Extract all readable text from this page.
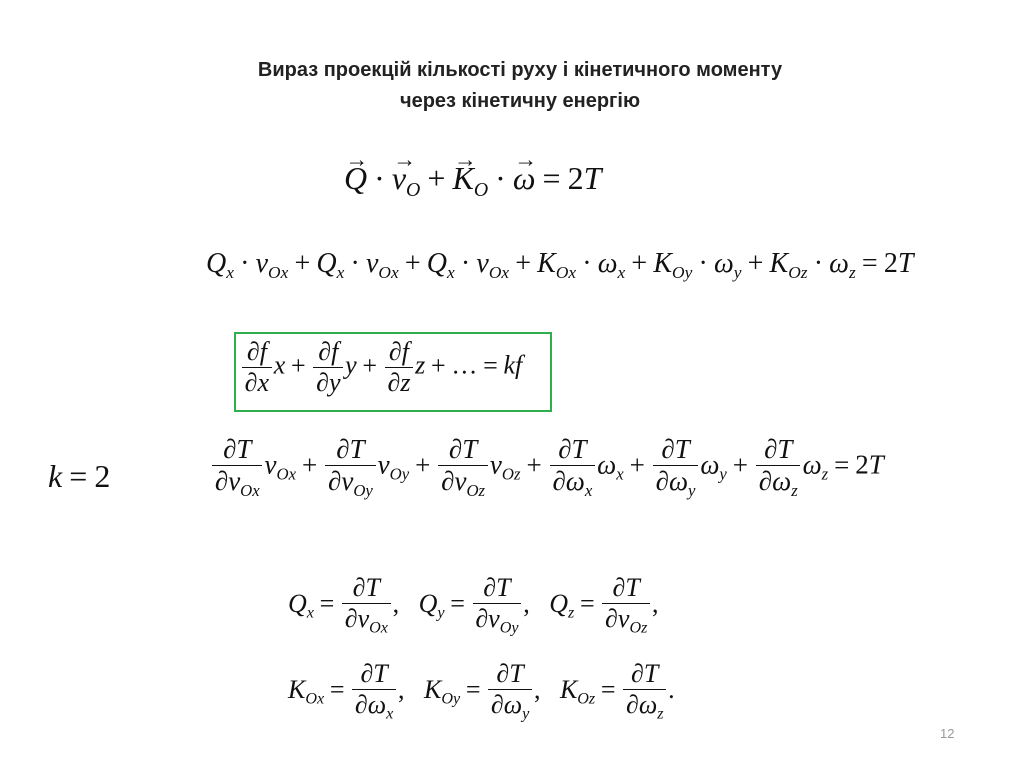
Вираз проекцій кількості руху і кінетичного моменту
через кінетичну енергію
→ $Q \cdot\to v_O +\to K_O \cdot\to \omega = 2T$
$Q_x \cdot v_{Ox} + Q_x \cdot v_{Ox} + Q_x \cdot v_{Ox} + K_{Ox} \cdot \omega_x + K_{Oy} \cdot \omega_y + K_{Oz} \cdot \omega_z = 2T$
$\frac{\partial f}{\partial x}$ $x + \frac{\partial f}{\partial y}$ $y + \frac{\partial f}{\partial z}$ z + … = kf
k = 2	$\frac{\partial T}{\partial v_{Ox}} v_{Ox} + \frac{\partial T}{\partial v_{Oy}} v_{Oy} + \frac{\partial T}{\partial v_{Oz}} v_{Oz} + \frac{\partial T}{\partial\omega_x} \omega_x + \frac{\partial T}{\partial\omega_y} \omega_y + \frac{\partial T}{\partial\omega_z} \omega_z = 2T$
$Q_x = \frac{\partial T}{\partial v_{Ox}}$ , $Q_y = \frac{\partial T}{\partial v_{Oy}}$ , $Q_z = \frac{\partial T}{\partial v_{Oz}}$ ,
$K_{Ox} = \frac{\partial T}{\partial\omega_x}$ , $K_{Oy} = \frac{\partial T}{\partial\omega_y}$ , $K_{Oz} = \frac{\partial T}{\partial\omega_z}$ .
12
